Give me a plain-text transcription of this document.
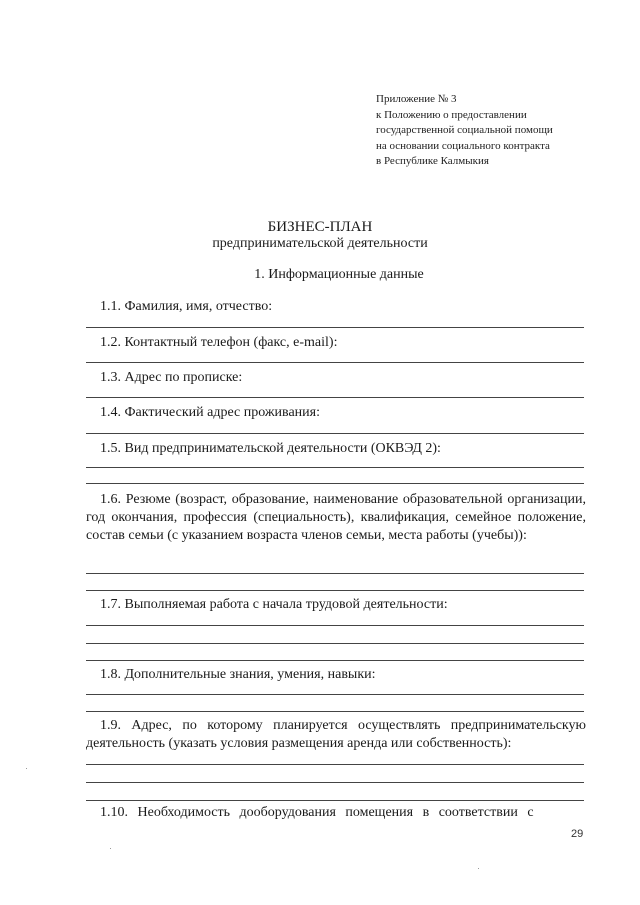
Приложение № 3
к Положению о предоставлении
государственной социальной помощи
на основании социального контракта
в Республике Калмыкия
БИЗНЕС-ПЛАН
предпринимательской деятельности
1. Информационные данные
1.1. Фамилия, имя, отчество:
1.2. Контактный телефон (факс, e-mail):
1.3. Адрес по прописке:
1.4. Фактический адрес проживания:
1.5. Вид предпринимательской деятельности (ОКВЭД 2):
1.6. Резюме (возраст, образование, наименование образовательной организации, год окончания, профессия (специальность), квалификация, семейное положение, состав семьи (с указанием возраста членов семьи, места работы (учебы)):
1.7. Выполняемая работа с начала трудовой деятельности:
1.8. Дополнительные знания, умения, навыки:
1.9. Адрес, по которому планируется осуществлять предпринимательскую деятельность (указать условия размещения аренда или собственность):
1.10. Необходимость дооборудования помещения в соответствии с
29
